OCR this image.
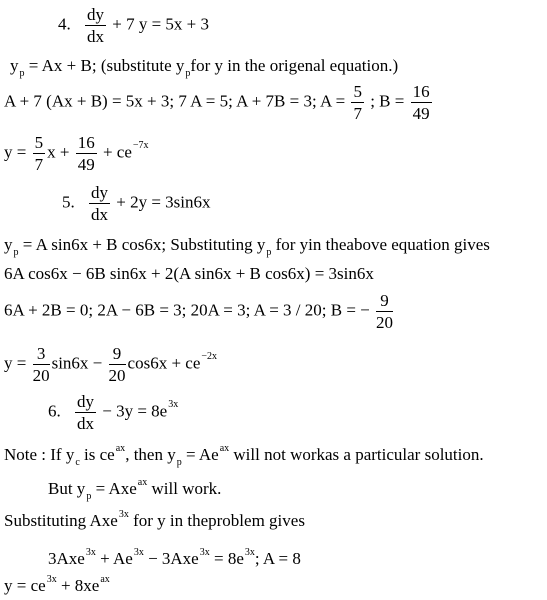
4. $\frac{dy}{dx} + 7$ y = 5x + 3
$y_p = Ax + B$; (substitute $y_pfor$ y in the origenal equation.)
A + 7 (Ax + B) = 5x + 3; 7 A = 5; A + 7B = 3; $A = \frac{5}{7}$ ; $B = \frac{16}{49}$
$y = \frac{5}{7}$ $x + \frac{16}{49} + ce^{-7x}$
5. $\frac{dy}{dx} + 2y = 3\sin 6x$
$y_p = A$ sin6x + B cos6x; Substituting $y_p$ for yin theabove equation gives
6A cos6x − 6B sin6x + 2(A sin6x + B cos6x) = 3sin6x
6A + 2B = 0; 2A − 6B = 3; 20A = 3; A = 3 / 20; B = − $\frac{9}{20}$
$y = \frac{3}{20} \sin 6x - \frac{9}{20} \cos 6x + ce^{-2x}$
6. $\frac{dy}{dx} - 3y = 8e^{3x}$
Note : If $y_c$ is $ce^{ax}$, then $y_p = Ae^{ax}$ will not workas a particular solution.
But $y_p = Axe^{ax}$ will work.
Substituting Axe$^{3x}$ for y in theproblem gives
$3Axe^{3x} + Ae^{3x} - 3Axe^{3x} = 8e^{3x}$; A = 8
$y = ce^{3x} + 8xe^{ax}$
